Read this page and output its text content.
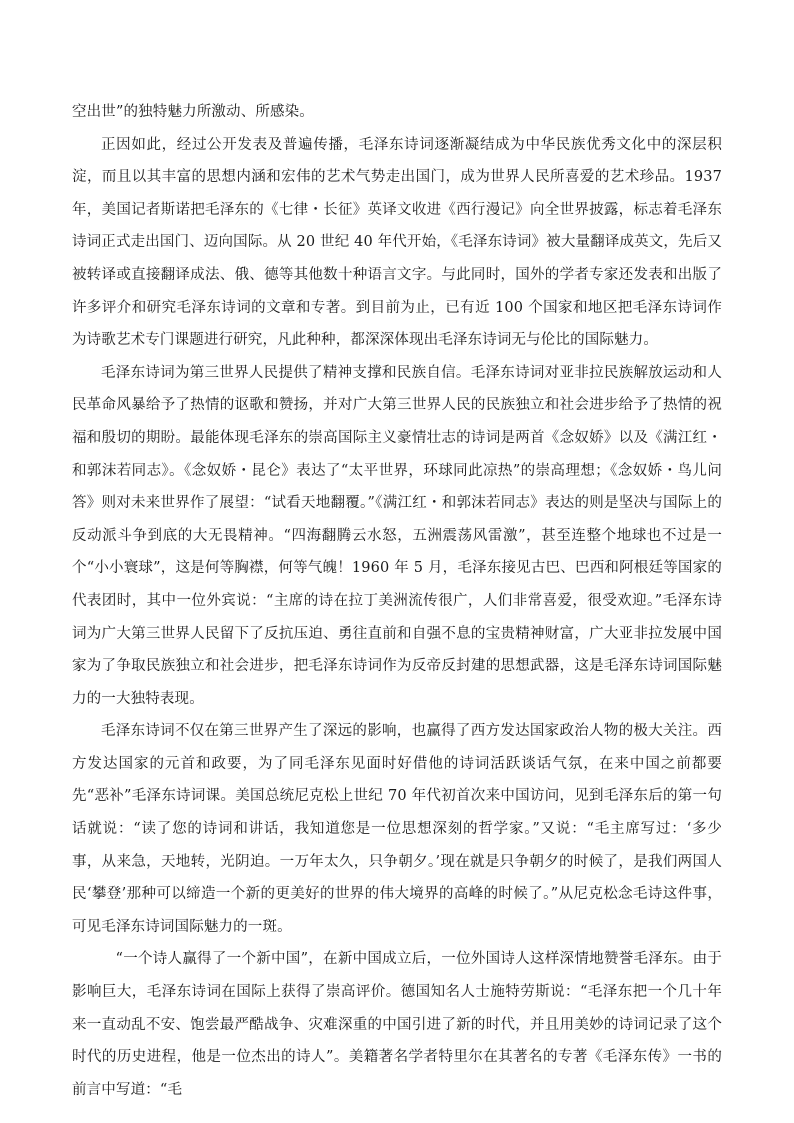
空出世”的独特魅力所激动、所感染。

正因如此，经过公开发表及普遍传播，毛泽东诗词逐渐凝结成为中华民族优秀文化中的深层积淀，而且以其丰富的思想内涵和宏伟的艺术气势走出国门，成为世界人民所喜爱的艺术珍品。1937 年，美国记者斯诺把毛泽东的《七律・长征》英译文收进《西行漫记》向全世界披露，标志着毛泽东诗词正式走出国门、迈向国际。从 20 世纪 40 年代开始，《毛泽东诗词》被大量翻译成英文，先后又被转译或直接翻译成法、俄、德等其他数十种语言文字。与此同时，国外的学者专家还发表和出版了许多评介和研究毛泽东诗词的文章和专著。到目前为止，已有近 100 个国家和地区把毛泽东诗词作为诗歌艺术专门课题进行研究，凡此种种，都深深体现出毛泽东诗词无与伦比的国际魅力。

毛泽东诗词为第三世界人民提供了精神支撑和民族自信。毛泽东诗词对亚非拉民族解放运动和人民革命风暴给予了热情的讴歌和赞扬，并对广大第三世界人民的民族独立和社会进步给予了热情的祝福和殷切的期盼。最能体现毛泽东的崇高国际主义豪情壮志的诗词是两首《念奴娇》以及《满江红・和郭沫若同志》。《念奴娇・昆仑》表达了“太平世界，环球同此凉热”的崇高理想；《念奴娇・鸟儿问答》则对未来世界作了展望：“试看天地翻覆。”《满江红・和郭沫若同志》表达的则是坚决与国际上的反动派斗争到底的大无畏精神。“四海翻腾云水怒，五洲震荡风雷激”，甚至连整个地球也不过是一个“小小寰球”，这是何等胸襟，何等气魄！1960 年 5 月，毛泽东接见古巴、巴西和阿根廷等国家的代表团时，其中一位外宾说：“主席的诗在拉丁美洲流传很广，人们非常喜爱，很受欢迎。”毛泽东诗词为广大第三世界人民留下了反抗压迫、勇往直前和自强不息的宝贵精神财富，广大亚非拉发展中国家为了争取民族独立和社会进步，把毛泽东诗词作为反帝反封建的思想武器，这是毛泽东诗词国际魅力的一大独特表现。

毛泽东诗词不仅在第三世界产生了深远的影响，也赢得了西方发达国家政治人物的极大关注。西方发达国家的元首和政要，为了同毛泽东见面时好借他的诗词活跃谈话气氛，在来中国之前都要先“恶补”毛泽东诗词课。美国总统尼克松上世纪 70 年代初首次来中国访问，见到毛泽东后的第一句话就说：“读了您的诗词和讲话，我知道您是一位思想深刻的哲学家。”又说：“毛主席写过：‘多少事，从来急，天地转，光阴迫。一万年太久，只争朝夕。’现在就是只争朝夕的时候了，是我们两国人民‘攀登’那种可以缔造一个新的更美好的世界的伟大境界的高峰的时候了。”从尼克松念毛诗这件事，可见毛泽东诗词国际魅力的一斑。

“一个诗人赢得了一个新中国”，在新中国成立后，一位外国诗人这样深情地赞誉毛泽东。由于影响巨大，毛泽东诗词在国际上获得了崇高评价。德国知名人士施特劳斯说：“毛泽东把一个几十年来一直动乱不安、饱尝最严酷战争、灾难深重的中国引进了新的时代，并且用美妙的诗词记录了这个时代的历史进程，他是一位杰出的诗人”。美籍著名学者特里尔在其著名的专著《毛泽东传》一书的前言中写道：“毛
